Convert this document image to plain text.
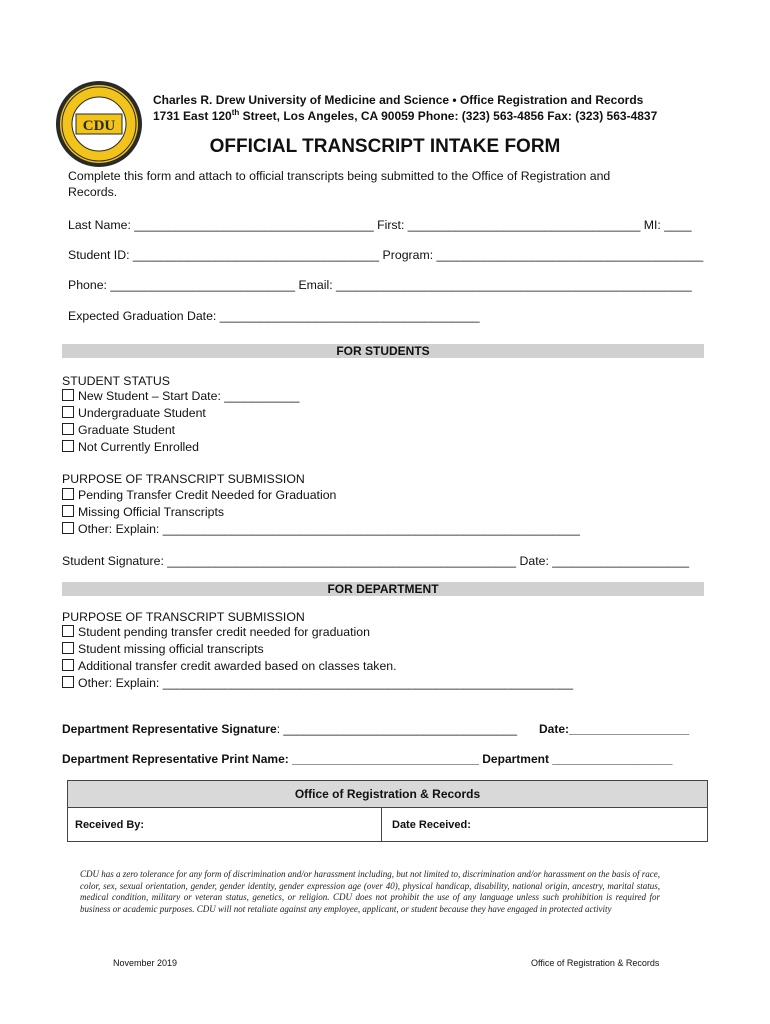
CDU
Charles R. Drew University of Medicine and Science • Office Registration and Records
1731 East 120th Street, Los Angeles, CA 90059 Phone: (323) 563-4856 Fax: (323) 563-4837
OFFICIAL TRANSCRIPT INTAKE FORM
Complete this form and attach to official transcripts being submitted to the Office of Registration and
Records.
Last Name: ___________________________________ First: __________________________________ MI: ____
Student ID: ____________________________________ Program: _______________________________________
Phone: ___________________________ Email: ____________________________________________________
Expected Graduation Date: ______________________________________
FOR STUDENTS
STUDENT STATUS
New Student – Start Date: ___________
Undergraduate Student
Graduate Student
Not Currently Enrolled
PURPOSE OF TRANSCRIPT SUBMISSION
Pending Transfer Credit Needed for Graduation
Missing Official Transcripts
Other: Explain: _____________________________________________________________
Student Signature: ___________________________________________________ Date: ____________________
FOR DEPARTMENT
PURPOSE OF TRANSCRIPT SUBMISSION
Student pending transfer credit needed for graduation
Student missing official transcripts
Additional transfer credit awarded based on classes taken.
Other: Explain: ____________________________________________________________
Department Representative Signature: ___________________________________ Date:__________________
Department Representative Print Name: ____________________________ Department __________________
Office of Registration & Records
Received By:	Date Received:
CDU has a zero tolerance for any form of discrimination and/or harassment including, but not limited to, discrimination and/or harassment on the basis of race, color, sex, sexual orientation, gender, gender identity, gender expression age (over 40), physical handicap, disability, national origin, ancestry, marital status, medical condition, military or veteran status, genetics, or religion. CDU does not prohibit the use of any language unless such prohibition is required for business or academic purposes. CDU will not retaliate against any employee, applicant, or student because they have engaged in protected activity
November 2019	Office of Registration & Records
